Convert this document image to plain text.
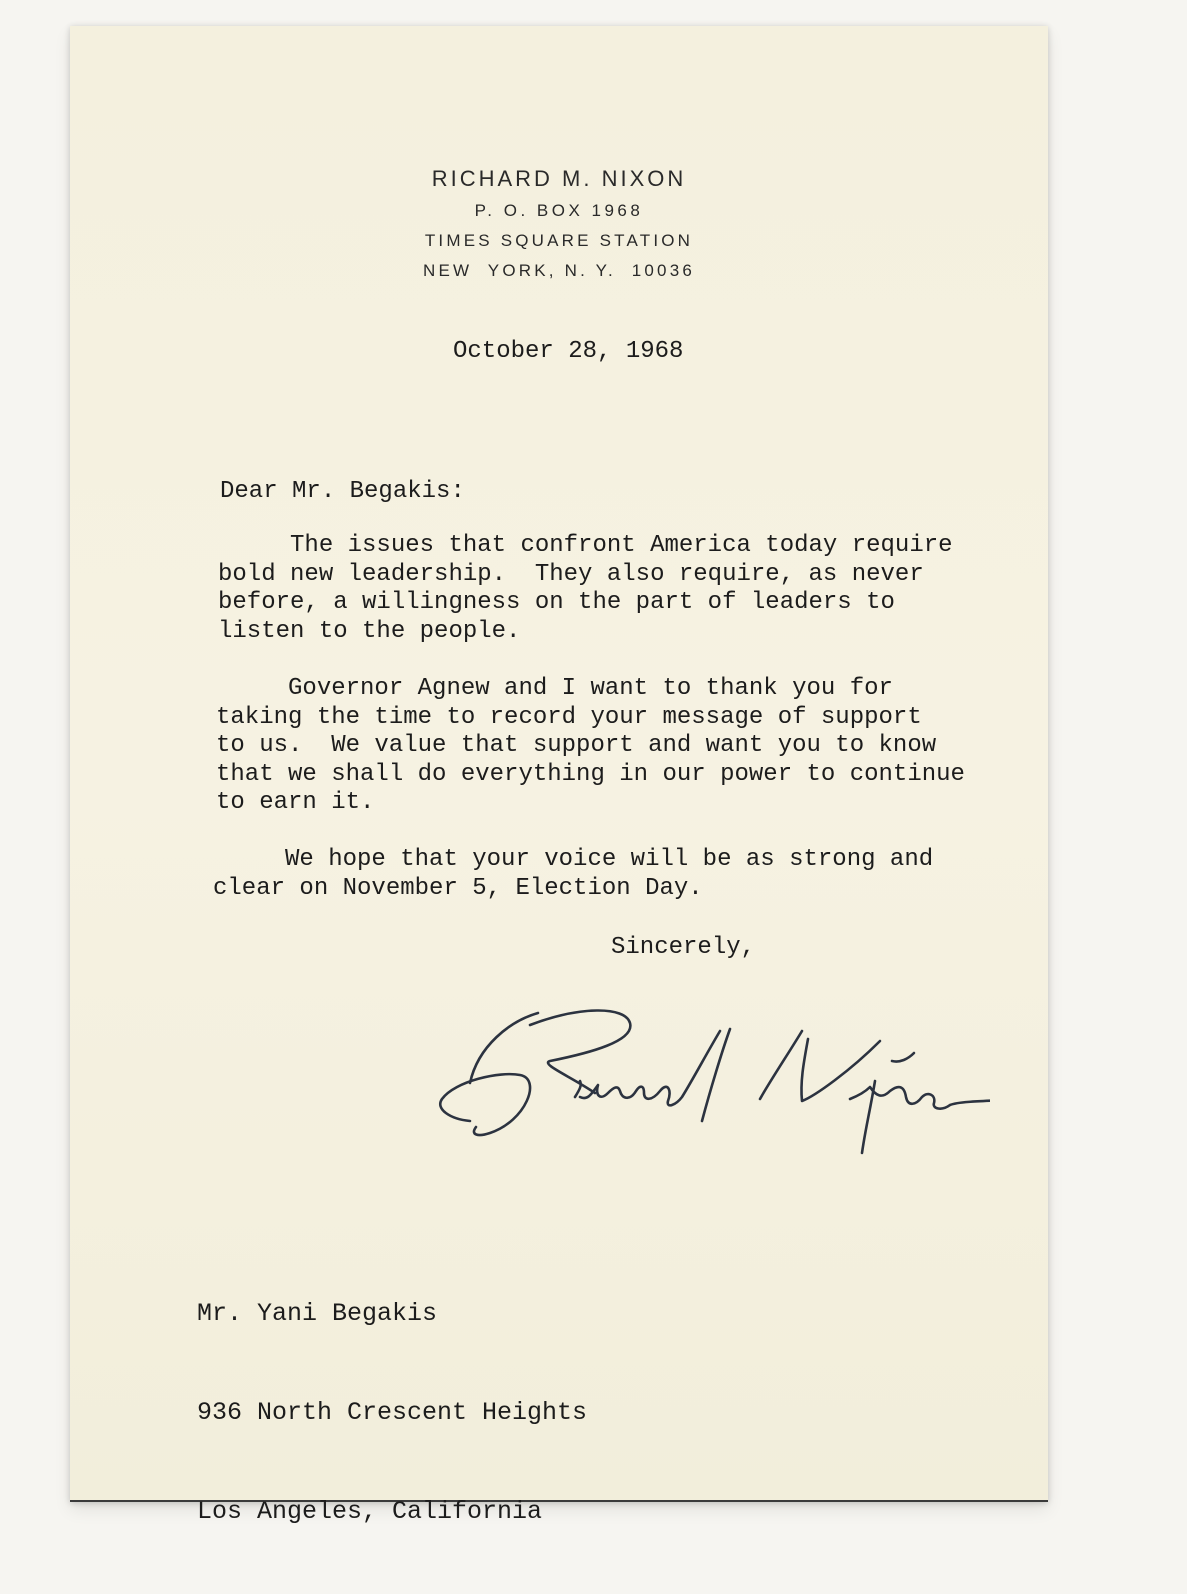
RICHARD M. NIXON
P. O. BOX 1968
TIMES SQUARE STATION
NEW  YORK, N. Y.  10036
October 28, 1968
Dear Mr. Begakis:
The issues that confront America today require
bold new leadership.  They also require, as never
before, a willingness on the part of leaders to
listen to the people.
Governor Agnew and I want to thank you for
taking the time to record your message of support
to us.  We value that support and want you to know
that we shall do everything in our power to continue
to earn it.
We hope that your voice will be as strong and
clear on November 5, Election Day.
Sincerely,

Mr. Yani Begakis

936 North Crescent Heights

Los Angeles, California
